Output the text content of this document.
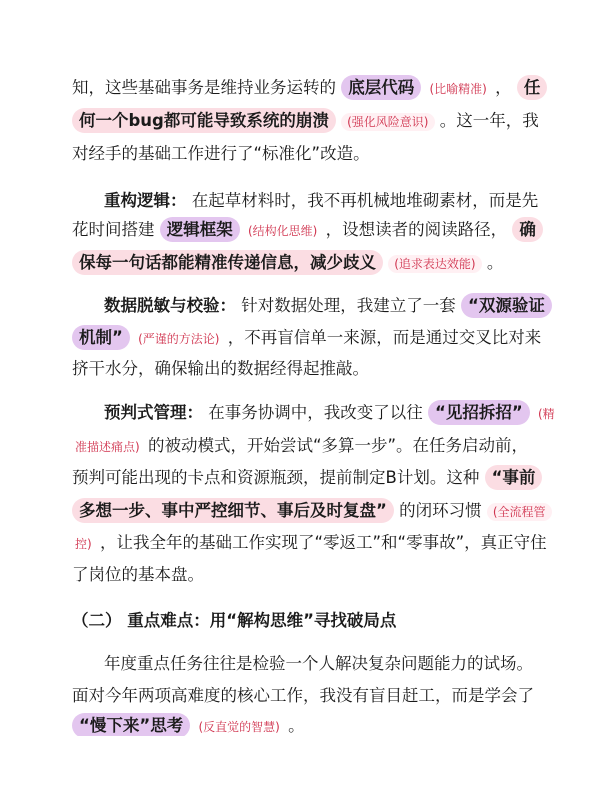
知，这些基础事务是维持业务运转的 底层代码 (比喻精准) ， 任
何一个bug都可能导致系统的崩溃 (强化风险意识) 。这一年，我
对经手的基础工作进行了“标准化”改造。
重构逻辑： 在起草材料时，我不再机械地堆砌素材，而是先
花时间搭建 逻辑框架 (结构化思维) ，设想读者的阅读路径， 确
保每一句话都能精准传递信息，减少歧义 (追求表达效能) 。
数据脱敏与校验： 针对数据处理，我建立了一套 “双源验证
机制” (严谨的方法论) ，不再盲信单一来源，而是通过交叉比对来
挤干水分，确保输出的数据经得起推敲。
预判式管理： 在事务协调中，我改变了以往 “见招拆招” (精
准描述痛点) 的被动模式，开始尝试“多算一步”。在任务启动前，
预判可能出现的卡点和资源瓶颈，提前制定B计划。这种 “事前
多想一步、事中严控细节、事后及时复盘” 的闭环习惯 (全流程管
控) ，让我全年的基础工作实现了“零返工”和“零事故”，真正守住
了岗位的基本盘。
（二） 重点难点：用“解构思维”寻找破局点
年度重点任务往往是检验一个人解决复杂问题能力的试场。
面对今年两项高难度的核心工作，我没有盲目赶工，而是学会了
“慢下来”思考 (反直觉的智慧) 。
